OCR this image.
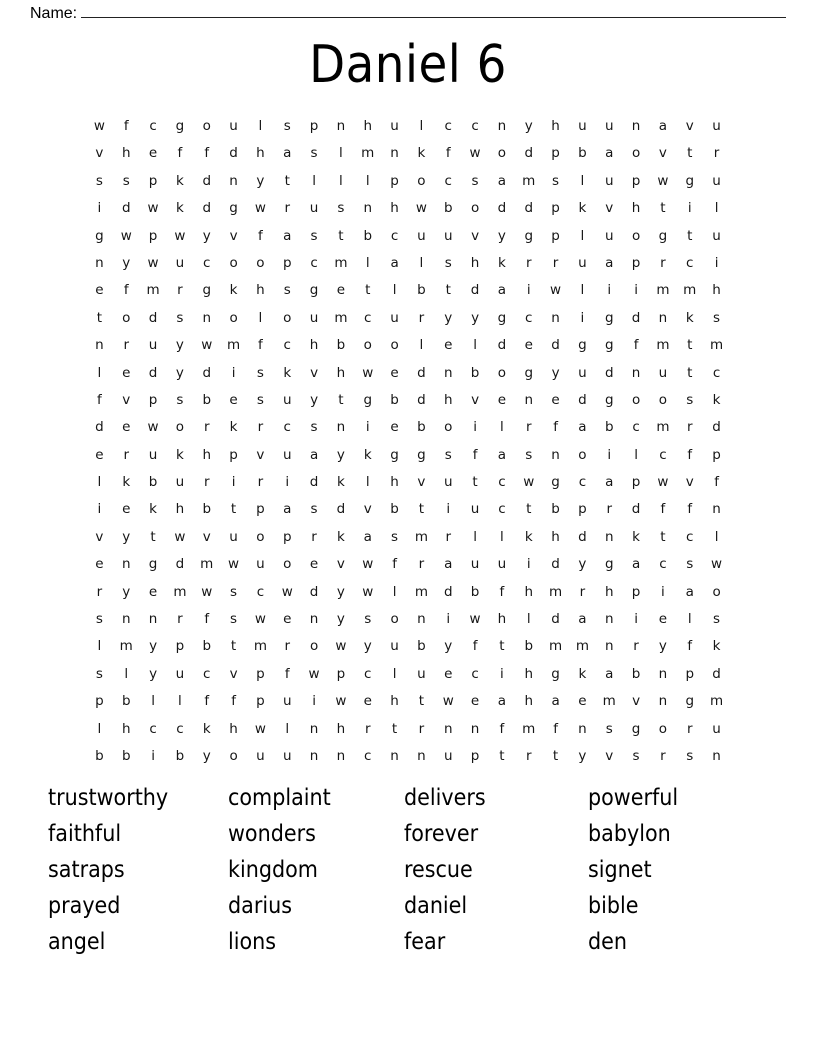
Name:
Daniel 6
w	f	c	g	o	u	l	s	p	n	h	u	l	c	c	n	y	h	u	u	n	a	v	u
v	h	e	f	f	d	h	a	s	l	m	n	k	f	w	o	d	p	b	a	o	v	t	r
s	s	p	k	d	n	y	t	l	l	l	p	o	c	s	a	m	s	l	u	p	w	g	u
i	d	w	k	d	g	w	r	u	s	n	h	w	b	o	d	d	p	k	v	h	t	i	l
g	w	p	w	y	v	f	a	s	t	b	c	u	u	v	y	g	p	l	u	o	g	t	u
n	y	w	u	c	o	o	p	c	m	l	a	l	s	h	k	r	r	u	a	p	r	c	i
e	f	m	r	g	k	h	s	g	e	t	l	b	t	d	a	i	w	l	i	i	m	m	h
t	o	d	s	n	o	l	o	u	m	c	u	r	y	y	g	c	n	i	g	d	n	k	s
n	r	u	y	w	m	f	c	h	b	o	o	l	e	l	d	e	d	g	g	f	m	t	m
l	e	d	y	d	i	s	k	v	h	w	e	d	n	b	o	g	y	u	d	n	u	t	c
f	v	p	s	b	e	s	u	y	t	g	b	d	h	v	e	n	e	d	g	o	o	s	k
d	e	w	o	r	k	r	c	s	n	i	e	b	o	i	l	r	f	a	b	c	m	r	d
e	r	u	k	h	p	v	u	a	y	k	g	g	s	f	a	s	n	o	i	l	c	f	p
l	k	b	u	r	i	r	i	d	k	l	h	v	u	t	c	w	g	c	a	p	w	v	f
i	e	k	h	b	t	p	a	s	d	v	b	t	i	u	c	t	b	p	r	d	f	f	n
v	y	t	w	v	u	o	p	r	k	a	s	m	r	l	l	k	h	d	n	k	t	c	l
e	n	g	d	m	w	u	o	e	v	w	f	r	a	u	u	i	d	y	g	a	c	s	w
r	y	e	m	w	s	c	w	d	y	w	l	m	d	b	f	h	m	r	h	p	i	a	o
s	n	n	r	f	s	w	e	n	y	s	o	n	i	w	h	l	d	a	n	i	e	l	s
l	m	y	p	b	t	m	r	o	w	y	u	b	y	f	t	b	m	m	n	r	y	f	k
s	l	y	u	c	v	p	f	w	p	c	l	u	e	c	i	h	g	k	a	b	n	p	d
p	b	l	l	f	f	p	u	i	w	e	h	t	w	e	a	h	a	e	m	v	n	g	m
l	h	c	c	k	h	w	l	n	h	r	t	r	n	n	f	m	f	n	s	g	o	r	u
b	b	i	b	y	o	u	u	n	n	c	n	n	u	p	t	r	t	y	v	s	r	s	n
trustworthy	complaint	delivers	powerful
faithful	wonders	forever	babylon
satraps	kingdom	rescue	signet
prayed	darius	daniel	bible
angel	lions	fear	den
